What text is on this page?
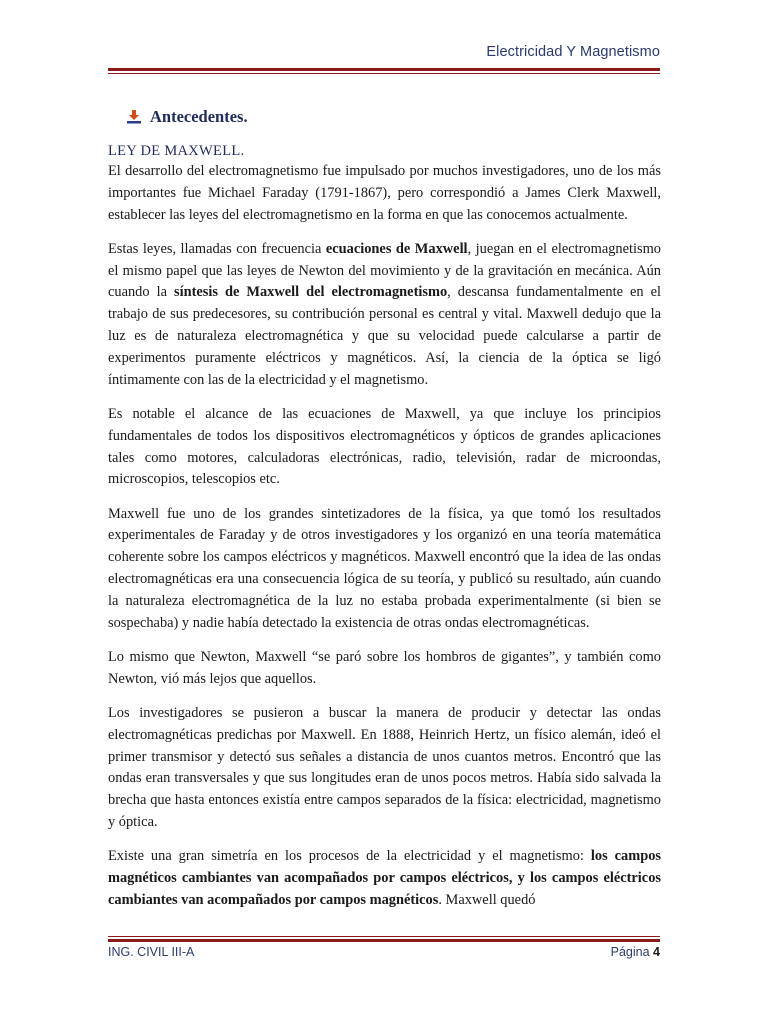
Electricidad Y Magnetismo
Antecedentes.
LEY DE MAXWELL.

El desarrollo del electromagnetismo fue impulsado por muchos investigadores, uno de los más importantes fue Michael Faraday (1791-1867), pero correspondió a James Clerk Maxwell, establecer las leyes del electromagnetismo en la forma en que las conocemos actualmente.

Estas leyes, llamadas con frecuencia ecuaciones de Maxwell, juegan en el electromagnetismo el mismo papel que las leyes de Newton del movimiento y de la gravitación en mecánica. Aún cuando la síntesis de Maxwell del electromagnetismo, descansa fundamentalmente en el trabajo de sus predecesores, su contribución personal es central y vital. Maxwell dedujo que la luz es de naturaleza electromagnética y que su velocidad puede calcularse a partir de experimentos puramente eléctricos y magnéticos. Así, la ciencia de la óptica se ligó íntimamente con las de la electricidad y el magnetismo.

Es notable el alcance de las ecuaciones de Maxwell, ya que incluye los principios fundamentales de todos los dispositivos electromagnéticos y ópticos de grandes aplicaciones tales como motores, calculadoras electrónicas, radio, televisión, radar de microondas, microscopios, telescopios etc.

Maxwell fue uno de los grandes sintetizadores de la física, ya que tomó los resultados experimentales de Faraday y de otros investigadores y los organizó en una teoría matemática coherente sobre los campos eléctricos y magnéticos. Maxwell encontró que la idea de las ondas electromagnéticas era una consecuencia lógica de su teoría, y publicó su resultado, aún cuando la naturaleza electromagnética de la luz no estaba probada experimentalmente (si bien se sospechaba) y nadie había detectado la existencia de otras ondas electromagnéticas.

Lo mismo que Newton, Maxwell “se paró sobre los hombros de gigantes”, y también como Newton, vió más lejos que aquellos.

Los investigadores se pusieron a buscar la manera de producir y detectar las ondas electromagnéticas predichas por Maxwell. En 1888, Heinrich Hertz, un físico alemán, ideó el primer transmisor y detectó sus señales a distancia de unos cuantos metros. Encontró que las ondas eran transversales y que sus longitudes eran de unos pocos metros. Había sido salvada la brecha que hasta entonces existía entre campos separados de la física: electricidad, magnetismo y óptica.

Existe una gran simetría en los procesos de la electricidad y el magnetismo: los campos magnéticos cambiantes van acompañados por campos eléctricos, y los campos eléctricos cambiantes van acompañados por campos magnéticos. Maxwell quedó

ING. CIVIL III-A	Página 4
